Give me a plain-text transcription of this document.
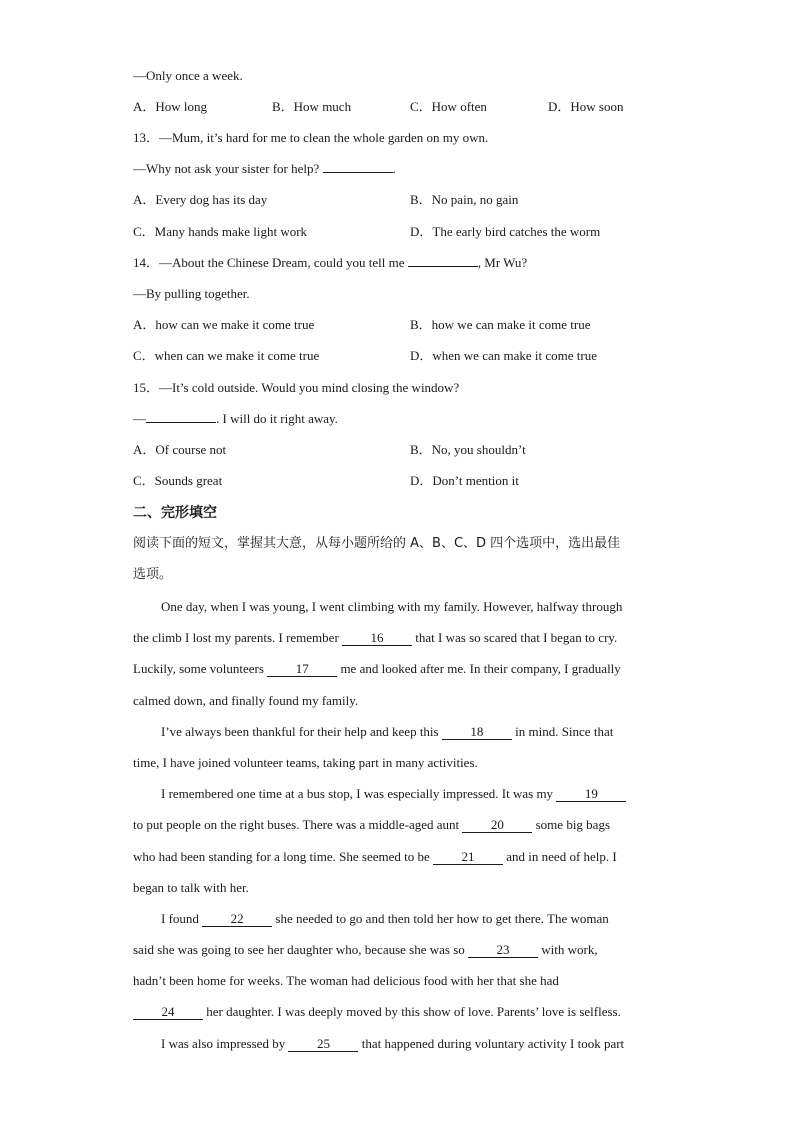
—Only once a week.
A．How long	B．How much	C．How often	D．How soon
13．—Mum, it’s hard for me to clean the whole garden on my own.
—Why not ask your sister for help?	.
A．Every dog has its day	B．No pain, no gain
C．Many hands make light work	D．The early bird catches the worm
14．—About the Chinese Dream, could you tell me	, Mr Wu?
—By pulling together.
A．how can we make it come true	B．how we can make it come true
C．when can we make it come true	D．when we can make it come true
15．—It’s cold outside. Would you mind closing the window?
—	. I will do it right away.
A．Of course not	B．No, you shouldn’t
C．Sounds great	D．Don’t mention it
二、完形填空
阅读下面的短文，掌握其大意，从每小题所给的 A、B、C、D 四个选项中，选出最佳
选项。
One day, when I was young, I went climbing with my family. However, halfway through
the climb I lost my parents. I remember 16 that I was so scared that I began to cry.
Luckily, some volunteers 17 me and looked after me. In their company, I gradually
calmed down, and finally found my family.
I’ve always been thankful for their help and keep this 18 in mind. Since that
time, I have joined volunteer teams, taking part in many activities.
I remembered one time at a bus stop, I was especially impressed. It was my 19
to put people on the right buses. There was a middle-aged aunt 20 some big bags
who had been standing for a long time. She seemed to be 21 and in need of help. I
began to talk with her.
I found 22 she needed to go and then told her how to get there. The woman
said she was going to see her daughter who, because she was so 23 with work,
hadn’t been home for weeks. The woman had delicious food with her that she had
24 her daughter. I was deeply moved by this show of love. Parents’ love is selfless.
I was also impressed by 25 that happened during voluntary activity I took part
